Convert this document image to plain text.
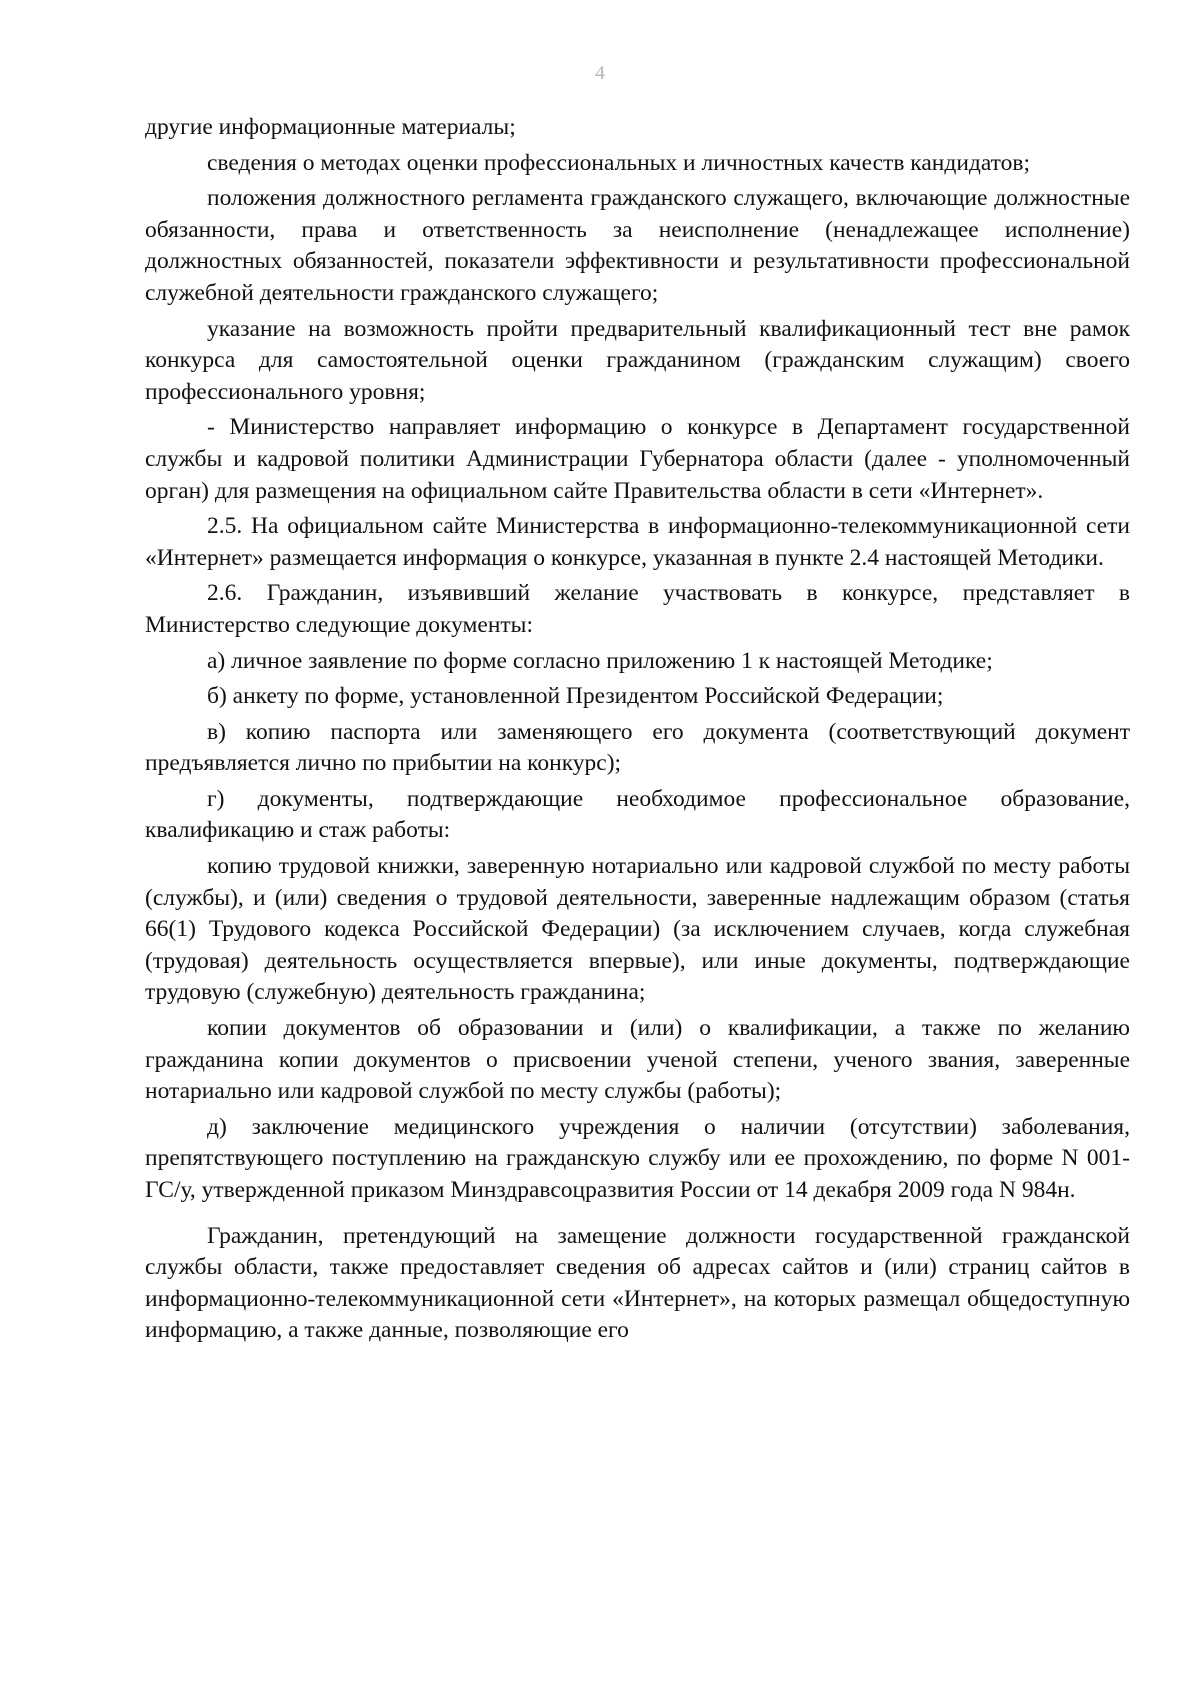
4

другие информационные материалы;

сведения о методах оценки профессиональных и личностных качеств кандидатов;

положения должностного регламента гражданского служащего, включающие должностные обязанности, права и ответственность за неисполнение (ненадлежащее исполнение) должностных обязанностей, показатели эффективности и результативности профессиональной служебной деятельности гражданского служащего;

указание на возможность пройти предварительный квалификационный тест вне рамок конкурса для самостоятельной оценки гражданином (гражданским служащим) своего профессионального уровня;

- Министерство направляет информацию о конкурсе в Департамент государственной службы и кадровой политики Администрации Губернатора области (далее - уполномоченный орган) для размещения на официальном сайте Правительства области в сети «Интернет».

2.5. На официальном сайте Министерства в информационно-телекоммуникационной сети «Интернет» размещается информация о конкурсе, указанная в пункте 2.4 настоящей Методики.

2.6. Гражданин, изъявивший желание участвовать в конкурсе, представляет в Министерство следующие документы:

а) личное заявление по форме согласно приложению 1 к настоящей Методике;

б) анкету по форме, установленной Президентом Российской Федерации;

в) копию паспорта или заменяющего его документа (соответствующий документ предъявляется лично по прибытии на конкурс);

г) документы, подтверждающие необходимое профессиональное образование, квалификацию и стаж работы:

копию трудовой книжки, заверенную нотариально или кадровой службой по месту работы (службы), и (или) сведения о трудовой деятельности, заверенные надлежащим образом (статья 66(1) Трудового кодекса Российской Федерации) (за исключением случаев, когда служебная (трудовая) деятельность осуществляется впервые), или иные документы, подтверждающие трудовую (служебную) деятельность гражданина;

копии документов об образовании и (или) о квалификации, а также по желанию гражданина копии документов о присвоении ученой степени, ученого звания, заверенные нотариально или кадровой службой по месту службы (работы);

д) заключение медицинского учреждения о наличии (отсутствии) заболевания, препятствующего поступлению на гражданскую службу или ее прохождению, по форме N 001-ГС/у, утвержденной приказом Минздравсоцразвития России от 14 декабря 2009 года N 984н.

Гражданин, претендующий на замещение должности государственной гражданской службы области, также предоставляет сведения об адресах сайтов и (или) страниц сайтов в информационно-телекоммуникационной сети «Интернет», на которых размещал общедоступную информацию, а также данные, позволяющие его
